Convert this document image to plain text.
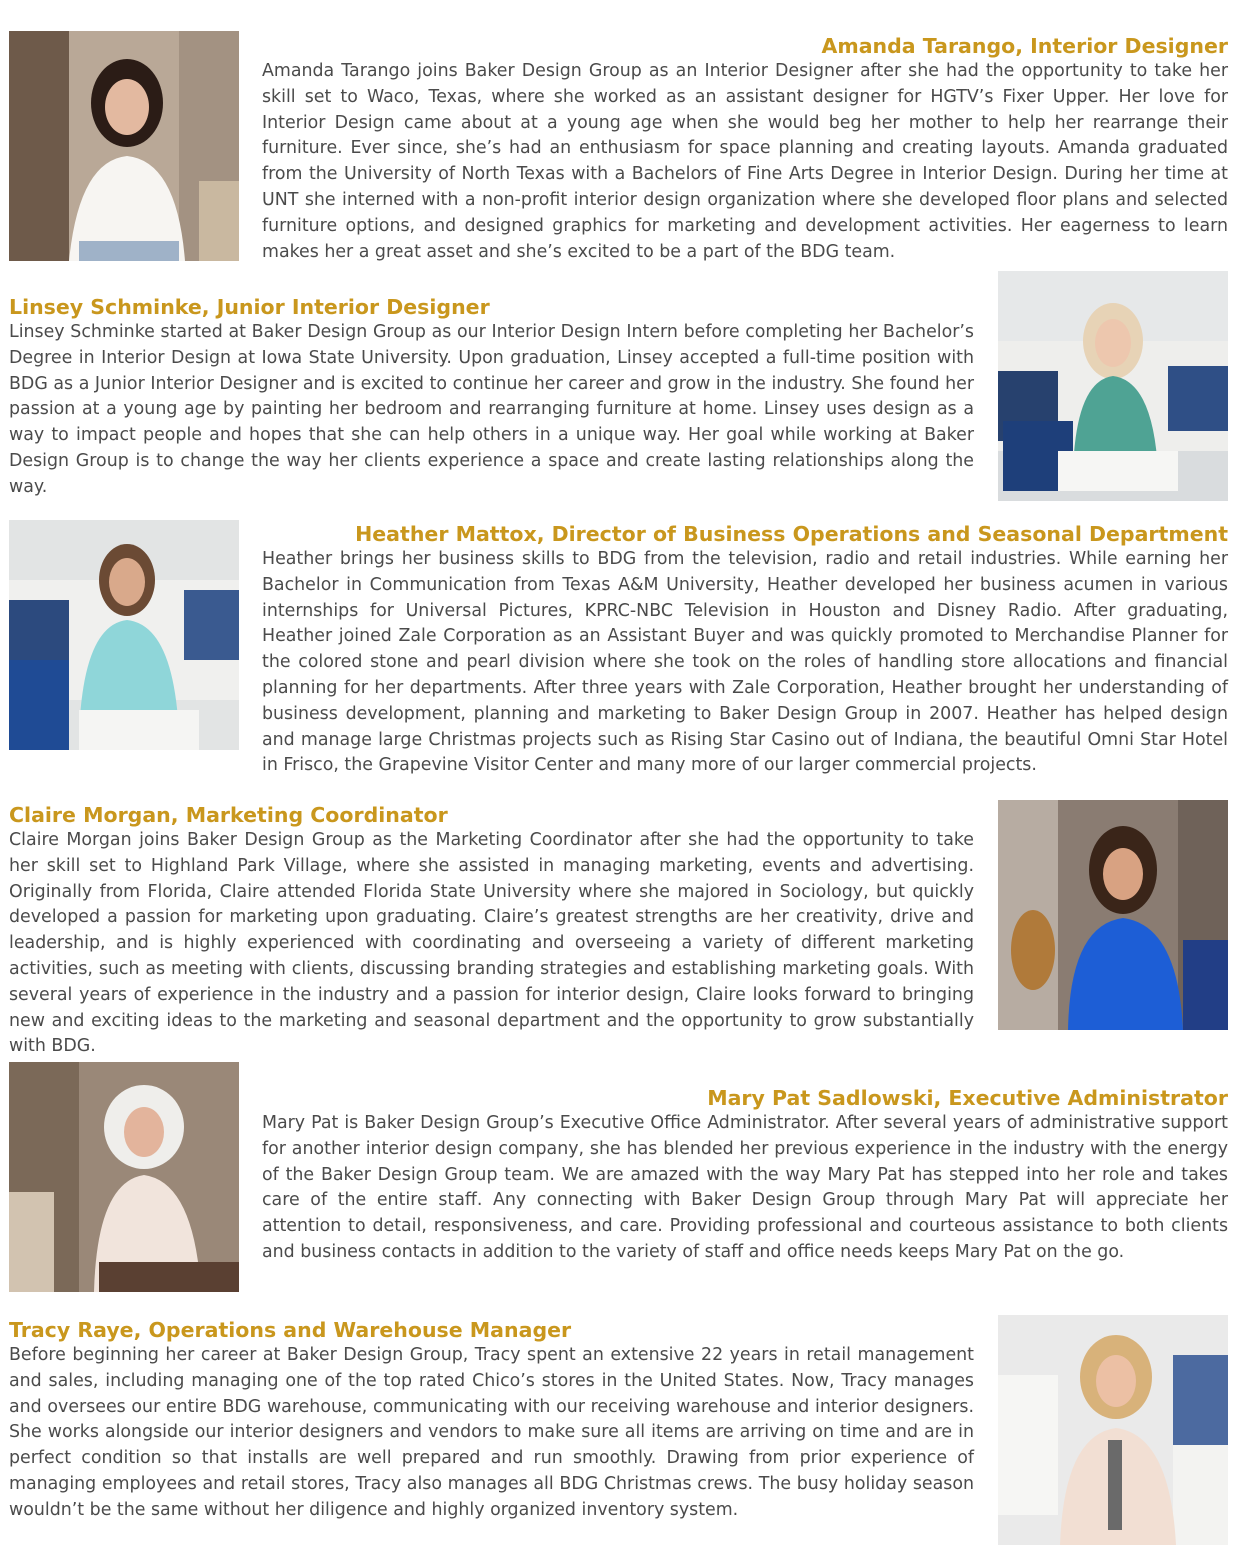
Amanda Tarango, Interior Designer

Amanda Tarango joins Baker Design Group as an Interior Designer after she had the opportunity to take her skill set to Waco, Texas, where she worked as an assistant designer for HGTV’s Fixer Upper. Her love for Interior Design came about at a young age when she would beg her mother to help her rearrange their furniture. Ever since, she’s had an enthusiasm for space planning and creating layouts. Amanda graduated from the University of North Texas with a Bachelors of Fine Arts Degree in Interior Design. During her time at UNT she interned with a non-profit interior design organization where she developed floor plans and selected furniture options, and designed graphics for marketing and development activities. Her eagerness to learn makes her a great asset and she’s excited to be a part of the BDG team.

Linsey Schminke, Junior Interior Designer

Linsey Schminke started at Baker Design Group as our Interior Design Intern before completing her Bachelor’s Degree in Interior Design at Iowa State University. Upon graduation, Linsey accepted a full-time position with BDG as a Junior Interior Designer and is excited to continue her career and grow in the industry. She found her passion at a young age by painting her bedroom and rearranging furniture at home. Linsey uses design as a way to impact people and hopes that she can help others in a unique way. Her goal while working at Baker Design Group is to change the way her clients experience a space and create lasting relationships along the way.

Heather Mattox, Director of Business Operations and Seasonal Department

Heather brings her business skills to BDG from the television, radio and retail industries. While earning her Bachelor in Communication from Texas A&M University, Heather developed her business acumen in various internships for Universal Pictures, KPRC-NBC Television in Houston and Disney Radio. After graduating, Heather joined Zale Corporation as an Assistant Buyer and was quickly promoted to Merchandise Planner for the colored stone and pearl division where she took on the roles of handling store allocations and financial planning for her departments. After three years with Zale Corporation, Heather brought her understanding of business development, planning and marketing to Baker Design Group in 2007. Heather has helped design and manage large Christmas projects such as Rising Star Casino out of Indiana, the beautiful Omni Star Hotel in Frisco, the Grapevine Visitor Center and many more of our larger commercial projects.

Claire Morgan, Marketing Coordinator

Claire Morgan joins Baker Design Group as the Marketing Coordinator after she had the opportunity to take her skill set to Highland Park Village, where she assisted in managing marketing, events and advertising. Originally from Florida, Claire attended Florida State University where she majored in Sociology, but quickly developed a passion for marketing upon graduating. Claire’s greatest strengths are her creativity, drive and leadership, and is highly experienced with coordinating and overseeing a variety of different marketing activities, such as meeting with clients, discussing branding strategies and establishing marketing goals. With several years of experience in the industry and a passion for interior design, Claire looks forward to bringing new and exciting ideas to the marketing and seasonal department and the opportunity to grow substantially with BDG.

Mary Pat Sadlowski, Executive Administrator

Mary Pat is Baker Design Group’s Executive Office Administrator. After several years of administrative support for another interior design company, she has blended her previous experience in the industry with the energy of the Baker Design Group team. We are amazed with the way Mary Pat has stepped into her role and takes care of the entire staff. Any connecting with Baker Design Group through Mary Pat will appreciate her attention to detail, responsiveness, and care. Providing professional and courteous assistance to both clients and business contacts in addition to the variety of staff and office needs keeps Mary Pat on the go.

Tracy Raye, Operations and Warehouse Manager

Before beginning her career at Baker Design Group, Tracy spent an extensive 22 years in retail management and sales, including managing one of the top rated Chico’s stores in the United States. Now, Tracy manages and oversees our entire BDG warehouse, communicating with our receiving warehouse and interior designers. She works alongside our interior designers and vendors to make sure all items are arriving on time and are in perfect condition so that installs are well prepared and run smoothly. Drawing from prior experience of managing employees and retail stores, Tracy also manages all BDG Christmas crews. The busy holiday season wouldn’t be the same without her diligence and highly organized inventory system.
